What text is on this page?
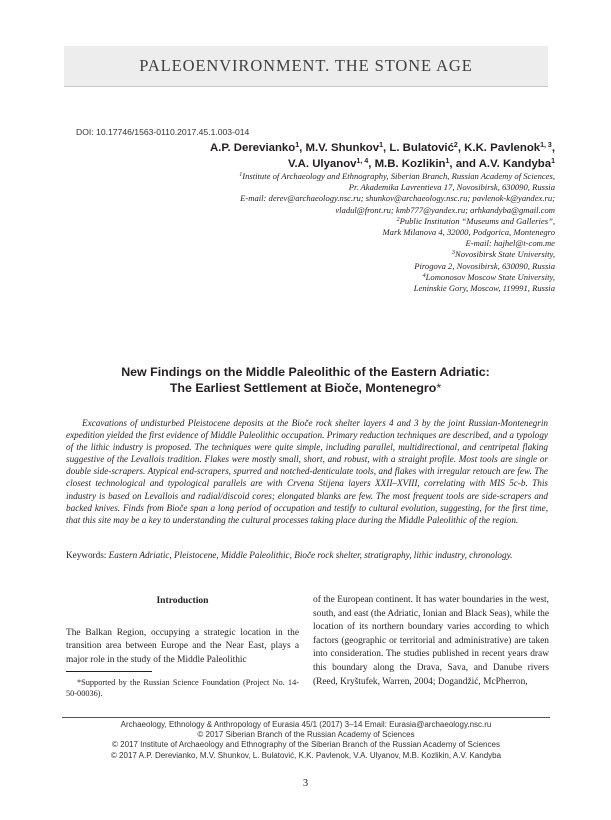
PALEOENVIRONMENT. THE STONE AGE
DOI: 10.17746/1563-0110.2017.45.1.003-014
A.P. Derevianko$^1$, M.V. Shunkov$^1$, L. Bulatović$^2$, K.K. Pavlenok$^{1, 3}$,
V.A. Ulyanov$^{1, 4}$, M.B. Kozlikin$^1$, and A.V. Kandyba$^1$
$^1$Institute of Archaeology and Ethnography, Siberian Branch, Russian Academy of Sciences,
Pr. Akademika Lavrentieva 17, Novosibirsk, 630090, Russia
E-mail: derev@archaeology.nsc.ru; shunkov@archaeology.nsc.ru; pavlenok-k@yandex.ru;
vladul@front.ru; kmb777@yandex.ru; arhkandyba@gmail.com
$^2$Public Institution “Museums and Galleries”,
Mark Milanova 4, 32000, Podgorica, Montenegro
E-mail: hajhel@t-com.me
$^3$Novosibirsk State University,
Pirogova 2, Novosibirsk, 630090, Russia
$^4$Lomonosov Moscow State University,
Leninskie Gory, Moscow, 119991, Russia
New Findings on the Middle Paleolithic of the Eastern Adriatic:
The Earliest Settlement at Bioče, Montenegro*

Excavations of undisturbed Pleistocene deposits at the Bioče rock shelter layers 4 and 3 by the joint Russian-Montenegrin expedition yielded the first evidence of Middle Paleolithic occupation. Primary reduction techniques are described, and a typology of the lithic industry is proposed. The techniques were quite simple, including parallel, multidirectional, and centripetal flaking suggestive of the Levallois tradition. Flakes were mostly small, short, and robust, with a straight profile. Most tools are single or double side-scrapers. Atypical end-scrapers, spurred and notched-denticulate tools, and flakes with irregular retouch are few. The closest technological and typological parallels are with Crvena Stijena layers XXII–XVIII, correlating with MIS 5c-b. This industry is based on Levallois and radial/discoid cores; elongated blanks are few. The most frequent tools are side-scrapers and backed knives. Finds from Bioče span a long period of occupation and testify to cultural evolution, suggesting, for the first time, that this site may be a key to understanding the cultural processes taking place during the Middle Paleolithic of the region.

Keywords: Eastern Adriatic, Pleistocene, Middle Paleolithic, Bioče rock shelter, stratigraphy, lithic industry, chronology.

Introduction

The Balkan Region, occupying a strategic location in the transition area between Europe and the Near East, plays a major role in the study of the Middle Paleolithic

of the European continent. It has water boundaries in the west, south, and east (the Adriatic, Ionian and Black Seas), while the location of its northern boundary varies according to which factors (geographic or territorial and administrative) are taken into consideration. The studies published in recent years draw this boundary along the Drava, Sava, and Danube rivers (Reed, Kryštufek, Warren, 2004; Dogandžić, McPherron,

*Supported by the Russian Science Foundation (Project No. 14-50-00036).

Archaeology, Ethnology & Anthropology of Eurasia 45/1 (2017) 3–14 Email: Eurasia@archaeology.nsc.ru
© 2017 Siberian Branch of the Russian Academy of Sciences
© 2017 Institute of Archaeology and Ethnography of the Siberian Branch of the Russian Academy of Sciences
© 2017 A.P. Derevianko, M.V. Shunkov, L. Bulatović, K.K. Pavlenok, V.A. Ulyanov, M.B. Kozlikin, A.V. Kandyba
3
